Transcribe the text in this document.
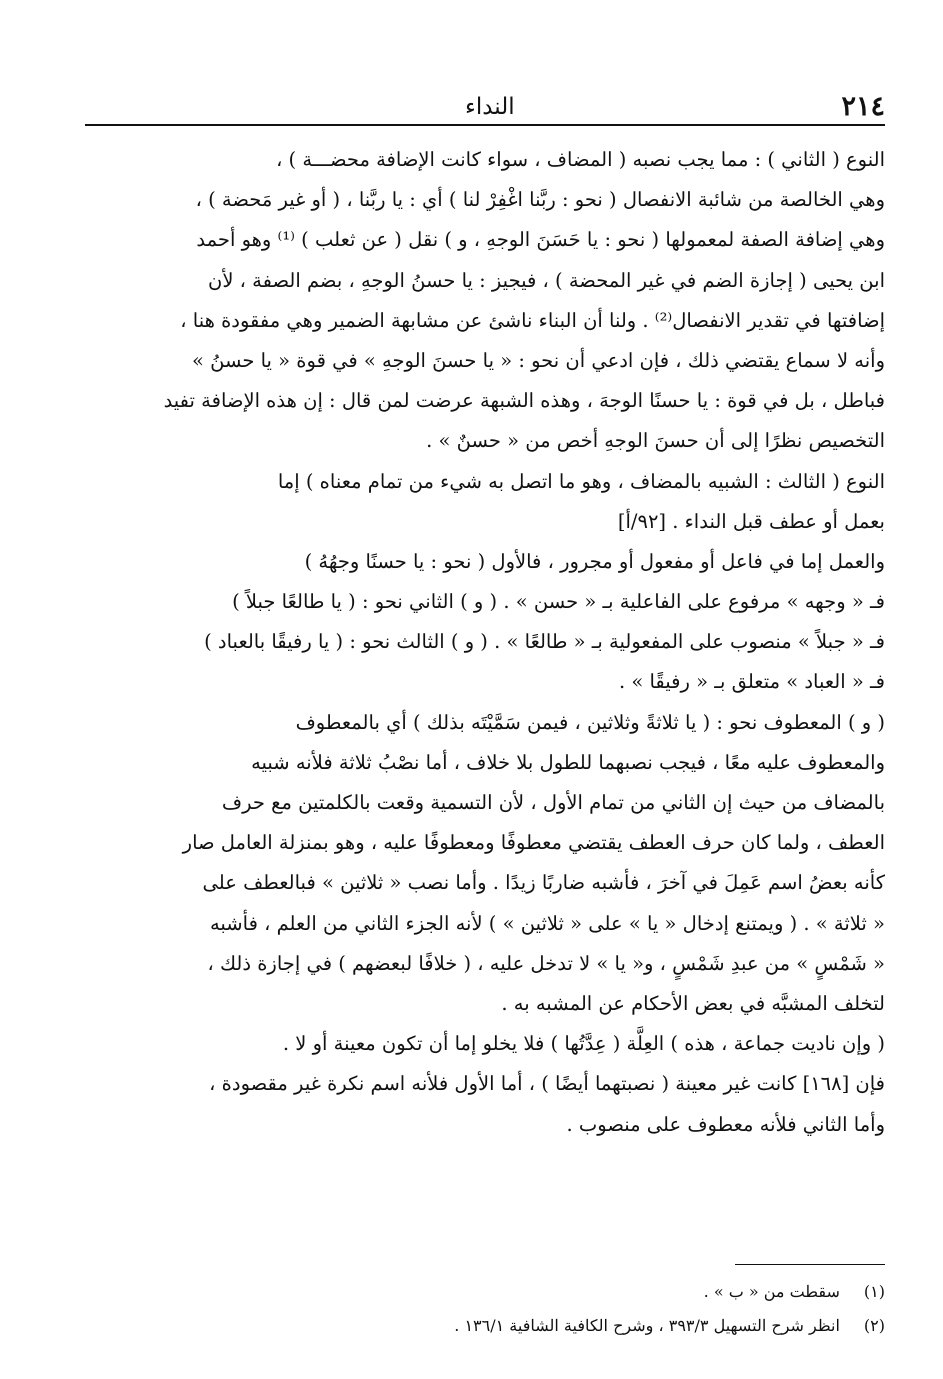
٢١٤
النداء
النوع ( الثاني ) : مما يجب نصبه ( المضاف ، سواء كانت الإضافة محضـــة ) ،
وهي الخالصة من شائبة الانفصال ( نحو : ربَّنا اغْفِرْ لنا ) أي : يا ربَّنا ، ( أو غير مَحضة ) ،
وهي إضافة الصفة لمعمولها ( نحو : يا حَسَنَ الوجهِ ، و ) نقل ( عن ثعلب ) ⁽¹⁾ وهو أحمد
ابن يحيى ( إجازة الضم في غير المحضة ) ، فيجيز : يا حسنُ الوجهِ ، بضم الصفة ، لأن
إضافتها في تقدير الانفصال⁽²⁾ . ولنا أن البناء ناشئ عن مشابهة الضمير وهي مفقودة هنا ،
وأنه لا سماع يقتضي ذلك ، فإن ادعي أن نحو : « يا حسنَ الوجهِ » في قوة « يا حسنُ »
فباطل ، بل في قوة : يا حسنًا الوجهَ ، وهذه الشبهة عرضت لمن قال : إن هذه الإضافة تفيد
التخصيص نظرًا إلى أن حسنَ الوجهِ أخص من « حسنٌ » .
النوع ( الثالث : الشبيه بالمضاف ، وهو ما اتصل به شيء من تمام معناه ) إما
بعمل أو عطف قبل النداء . [٩٢/أ]
والعمل إما في فاعل أو مفعول أو مجرور ، فالأول ( نحو : يا حسنًا وجهُهُ )
فـ « وجهه » مرفوع على الفاعلية بـ « حسن » . ( و ) الثاني نحو : ( يا طالعًا جبلاً )
فـ « جبلاً » منصوب على المفعولية بـ « طالعًا » . ( و ) الثالث نحو : ( يا رفيقًا بالعباد )
فـ « العباد » متعلق بـ « رفيقًا » .
( و ) المعطوف نحو : ( يا ثلاثةً وثلاثين ، فيمن سَمَّيْتَه بذلك ) أي بالمعطوف
والمعطوف عليه معًا ، فيجب نصبهما للطول بلا خلاف ، أما نصْبُ ثلاثة فلأنه شبيه
بالمضاف من حيث إن الثاني من تمام الأول ، لأن التسمية وقعت بالكلمتين مع حرف
العطف ، ولما كان حرف العطف يقتضي معطوفًا ومعطوفًا عليه ، وهو بمنزلة العامل صار
كأنه بعضُ اسم عَمِلَ في آخرَ ، فأشبه ضاربًا زيدًا . وأما نصب « ثلاثين » فبالعطف على
« ثلاثة » . ( ويمتنع إدخال « يا » على « ثلاثين » ) لأنه الجزء الثاني من العلم ، فأشبه
« شَمْسٍ » من عبدِ شَمْسٍ ، و« يا » لا تدخل عليه ، ( خلافًا لبعضهم ) في إجازة ذلك ،
لتخلف المشبَّه في بعض الأحكام عن المشبه به .
( وإن ناديت جماعة ، هذه ) العِلَّة ( عِدَّتُها ) فلا يخلو إما أن تكون معينة أو لا .
فإن [١٦٨] كانت غير معينة ( نصبتهما أيضًا ) ، أما الأول فلأنه اسم نكرة غير مقصودة ،
وأما الثاني فلأنه معطوف على منصوب .
(١) سقطت من « ب » .
(٢) انظر شرح التسهيل ٣٩٣/٣ ، وشرح الكافية الشافية ١٣٦/١ .
